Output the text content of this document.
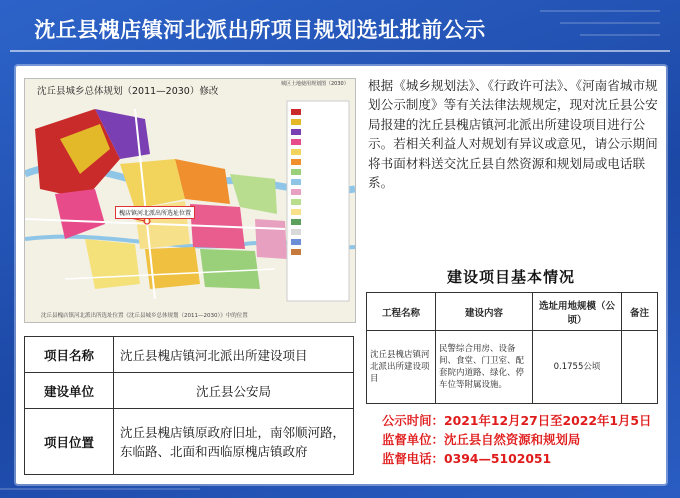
沈丘县槐店镇河北派出所项目规划选址批前公示
沈丘县城乡总体规划（2011—2030）修改
城区土地使用规划图（2030）
槐店镇河北派出所选址位置
沈丘县槐店镇河北派出所选址位置《沈丘县城乡总体规划（2011—2030）》中的位置
根据《城乡规划法》、《行政许可法》、《河南省城市规划公示制度》等有关法律法规规定，现对沈丘县公安局报建的沈丘县槐店镇河北派出所建设项目进行公示。若相关利益人对规划有异议或意见，请公示期间将书面材料送交沈丘县自然资源和规划局或电话联系。
建设项目基本情况
工程名称	建设内容	选址用地规模（公顷）	备注
沈丘县槐店镇河北派出所建设项目	民警综合用房、设备间、食堂、门卫室、配套院内道路、绿化、停车位等附属设施。	0.1755公顷	
项目名称	沈丘县槐店镇河北派出所建设项目
建设单位	沈丘县公安局
项目位置	沈丘县槐店镇原政府旧址，南邻顺河路，东临路、北面和西临原槐店镇政府
公示时间：2021年12月27日至2022年1月5日
监督单位：沈丘县自然资源和规划局
监督电话：0394—5102051
